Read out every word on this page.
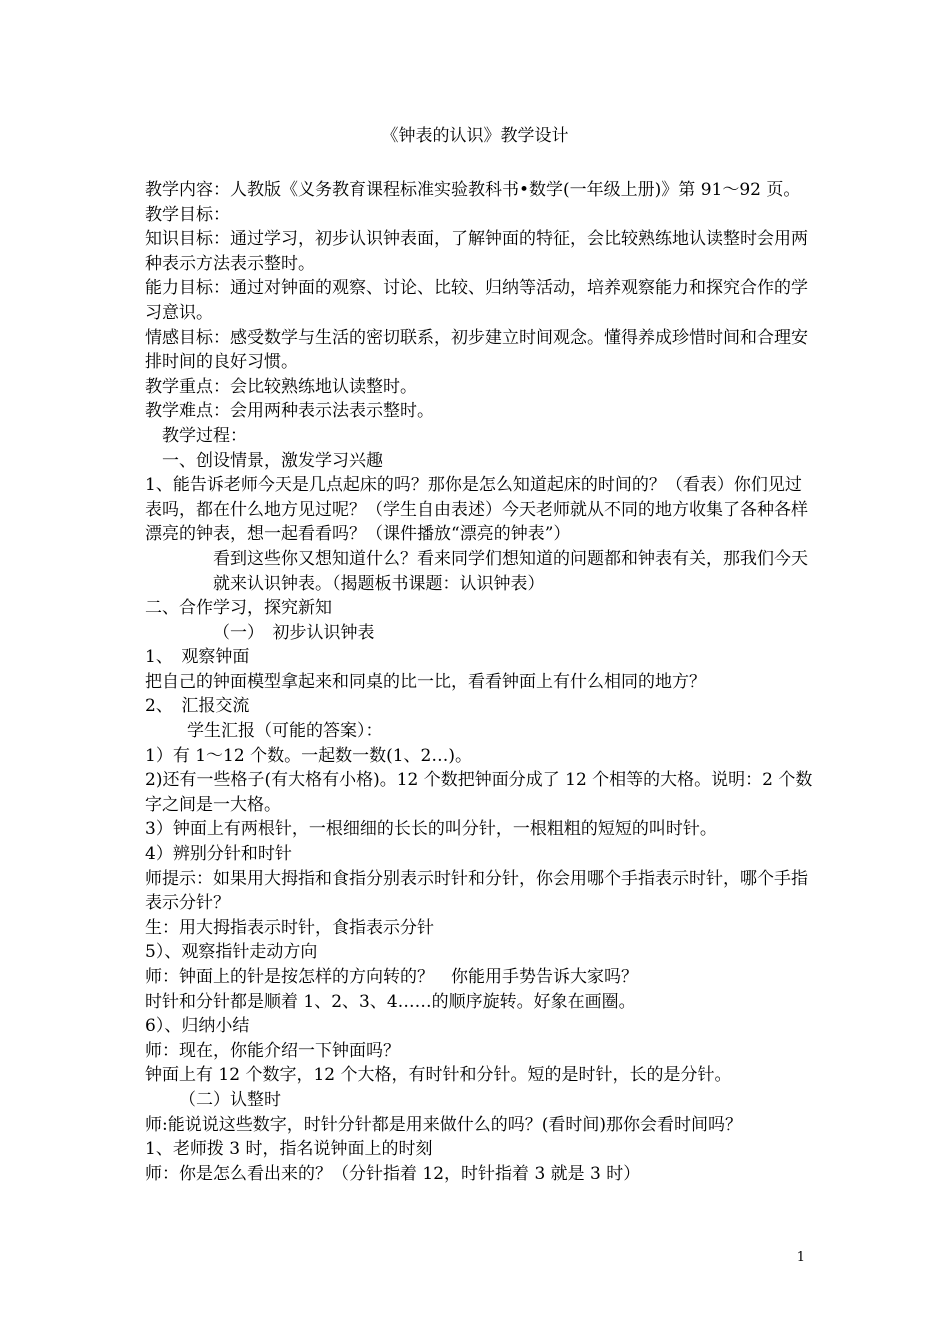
《钟表的认识》教学设计
教学内容：人教版《义务教育课程标准实验教科书•数学(一年级上册)》第 91～92 页。
教学目标：
知识目标：通过学习，初步认识钟表面，了解钟面的特征，会比较熟练地认读整时会用两种表示方法表示整时。
能力目标：通过对钟面的观察、讨论、比较、归纳等活动，培养观察能力和探究合作的学习意识。
情感目标：感受数学与生活的密切联系，初步建立时间观念。懂得养成珍惜时间和合理安排时间的良好习惯。
教学重点：会比较熟练地认读整时。
教学难点：会用两种表示法表示整时。
教学过程：
一、创设情景，激发学习兴趣
1、能告诉老师今天是几点起床的吗？那你是怎么知道起床的时间的？（看表）你们见过表吗，都在什么地方见过呢？（学生自由表述）今天老师就从不同的地方收集了各种各样漂亮的钟表，想一起看看吗？（课件播放“漂亮的钟表”）
看到这些你又想知道什么？看来同学们想知道的问题都和钟表有关，那我们今天就来认识钟表。（揭题板书课题：认识钟表）
二、合作学习，探究新知
（一）　初步认识钟表
1、　观察钟面
把自己的钟面模型拿起来和同桌的比一比，看看钟面上有什么相同的地方？
2、　汇报交流
学生汇报（可能的答案）：
1）有 1～12 个数。一起数一数(1、2…)。
2)还有一些格子(有大格有小格)。12 个数把钟面分成了 12 个相等的大格。说明：2 个数字之间是一大格。
3）钟面上有两根针，一根细细的长长的叫分针，一根粗粗的短短的叫时针。
4）辨别分针和时针
师提示：如果用大拇指和食指分别表示时针和分针，你会用哪个手指表示时针，哪个手指表示分针？
生：用大拇指表示时针，食指表示分针
5）、观察指针走动方向
师：钟面上的针是按怎样的方向转的？　你能用手势告诉大家吗？
时针和分针都是顺着 1、2、3、4……的顺序旋转。好象在画圈。
6）、归纳小结
师：现在，你能介绍一下钟面吗？
钟面上有 12 个数字，12 个大格，有时针和分针。短的是时针，长的是分针。
（二）认整时
师:能说说这些数字，时针分针都是用来做什么的吗？(看时间)那你会看时间吗？
1、老师拨 3 时，指名说钟面上的时刻
师：你是怎么看出来的？（分针指着 12，时针指着 3 就是 3 时）
1
